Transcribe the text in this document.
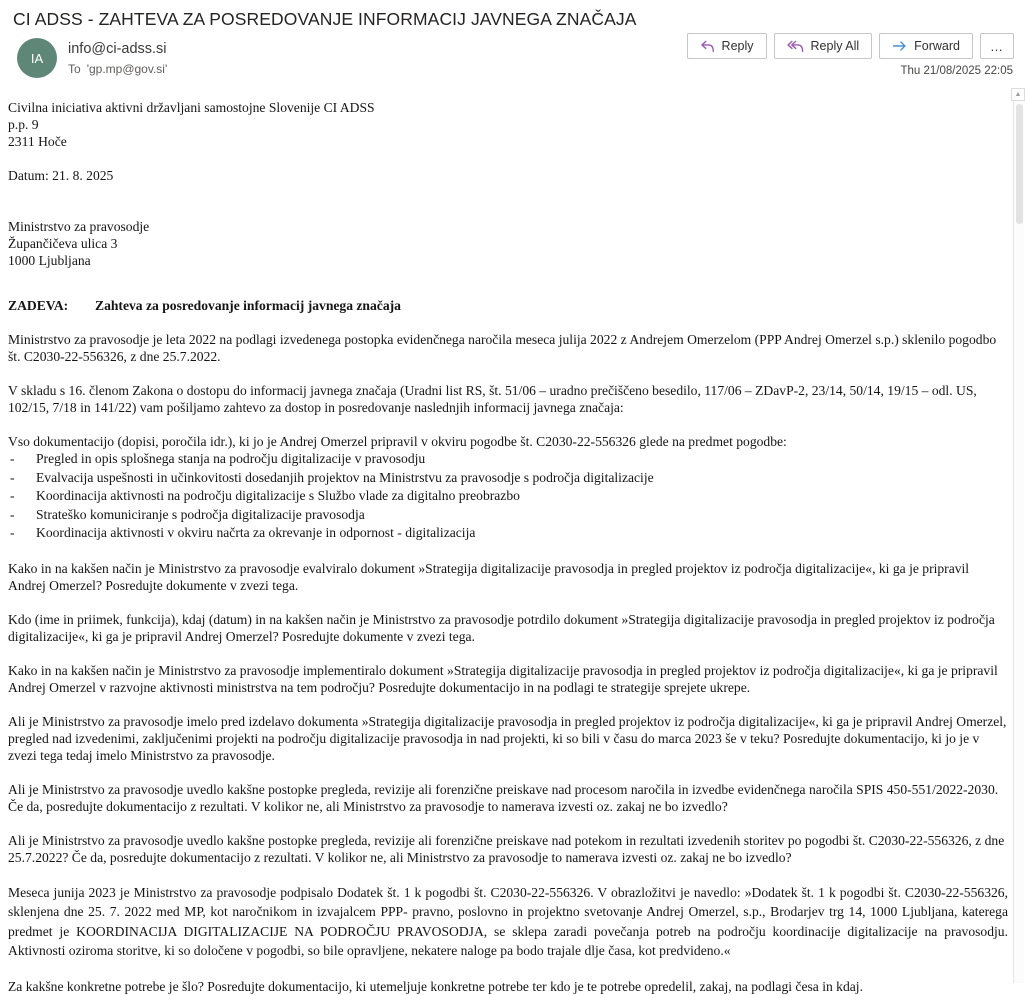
CI ADSS - ZAHTEVA ZA POSREDOVANJE INFORMACIJ JAVNEGA ZNAČAJA
IA
info@ci-adss.si
To 'gp.mp@gov.si'
Reply	Reply All	Forward …
Thu 21/08/2025 22:05
Civilna iniciativa aktivni državljani samostojne Slovenije CI ADSS
p.p. 9
2311 Hoče
Datum: 21. 8. 2025
Ministrstvo za pravosodje
Župančičeva ulica 3
1000 Ljubljana
ZADEVA: Zahteva za posredovanje informacij javnega značaja
Ministrstvo za pravosodje je leta 2022 na podlagi izvedenega postopka evidenčnega naročila meseca julija 2022 z Andrejem Omerzelom (PPP Andrej Omerzel s.p.) sklenilo pogodbo št. C2030-22-556326, z dne 25.7.2022.
V skladu s 16. členom Zakona o dostopu do informacij javnega značaja (Uradni list RS, št. 51/06 – uradno prečiščeno besedilo, 117/06 – ZDavP-2, 23/14, 50/14, 19/15 – odl. US, 102/15, 7/18 in 141/22) vam pošiljamo zahtevo za dostop in posredovanje naslednjih informacij javnega značaja:
Vso dokumentacijo (dopisi, poročila idr.), ki jo je Andrej Omerzel pripravil v okviru pogodbe št. C2030-22-556326 glede na predmet pogodbe:
-	Pregled in opis splošnega stanja na področju digitalizacije v pravosodju
-	Evalvacija uspešnosti in učinkovitosti dosedanjih projektov na Ministrstvu za pravosodje s področja digitalizacije
-	Koordinacija aktivnosti na področju digitalizacije s Službo vlade za digitalno preobrazbo
-	Strateško komuniciranje s področja digitalizacije pravosodja
-	Koordinacija aktivnosti v okviru načrta za okrevanje in odpornost - digitalizacija
Kako in na kakšen način je Ministrstvo za pravosodje evalviralo dokument »Strategija digitalizacije pravosodja in pregled projektov iz področja digitalizacije«, ki ga je pripravil Andrej Omerzel? Posredujte dokumente v zvezi tega.
Kdo (ime in priimek, funkcija), kdaj (datum) in na kakšen način je Ministrstvo za pravosodje potrdilo dokument »Strategija digitalizacije pravosodja in pregled projektov iz področja digitalizacije«, ki ga je pripravil Andrej Omerzel? Posredujte dokumente v zvezi tega.
Kako in na kakšen način je Ministrstvo za pravosodje implementiralo dokument »Strategija digitalizacije pravosodja in pregled projektov iz področja digitalizacije«, ki ga je pripravil Andrej Omerzel v razvojne aktivnosti ministrstva na tem področju? Posredujte dokumentacijo in na podlagi te strategije sprejete ukrepe.
Ali je Ministrstvo za pravosodje imelo pred izdelavo dokumenta »Strategija digitalizacije pravosodja in pregled projektov iz področja digitalizacije«, ki ga je pripravil Andrej Omerzel, pregled nad izvedenimi, zaključenimi projekti na področju digitalizacije pravosodja in nad projekti, ki so bili v času do marca 2023 še v teku? Posredujte dokumentacijo, ki jo je v zvezi tega tedaj imelo Ministrstvo za pravosodje.
Ali je Ministrstvo za pravosodje uvedlo kakšne postopke pregleda, revizije ali forenzične preiskave nad procesom naročila in izvedbe evidenčnega naročila SPIS 450-551/2022-2030. Če da, posredujte dokumentacijo z rezultati. V kolikor ne, ali Ministrstvo za pravosodje to namerava izvesti oz. zakaj ne bo izvedlo?
Ali je Ministrstvo za pravosodje uvedlo kakšne postopke pregleda, revizije ali forenzične preiskave nad potekom in rezultati izvedenih storitev po pogodbi št. C2030-22-556326, z dne 25.7.2022? Če da, posredujte dokumentacijo z rezultati. V kolikor ne, ali Ministrstvo za pravosodje to namerava izvesti oz. zakaj ne bo izvedlo?
Meseca junija 2023 je Ministrstvo za pravosodje podpisalo Dodatek št. 1 k pogodbi št. C2030-22-556326. V obrazložitvi je navedlo: »Dodatek št. 1 k pogodbi št. C2030-22-556326, sklenjena dne 25. 7. 2022 med MP, kot naročnikom in izvajalcem PPP- pravno, poslovno in projektno svetovanje Andrej Omerzel, s.p., Brodarjev trg 14, 1000 Ljubljana, katerega predmet je KOORDINACIJA DIGITALIZACIJE NA PODROČJU PRAVOSODJA, se sklepa zaradi povečanja potreb na področju koordinacije digitalizacije na pravosodju. Aktivnosti oziroma storitve, ki so določene v pogodbi, so bile opravljene, nekatere naloge pa bodo trajale dlje časa, kot predvideno.«
Za kakšne konkretne potrebe je šlo? Posredujte dokumentacijo, ki utemeljuje konkretne potrebe ter kdo je te potrebe opredelil, zakaj, na podlagi česa in kdaj.
▲
